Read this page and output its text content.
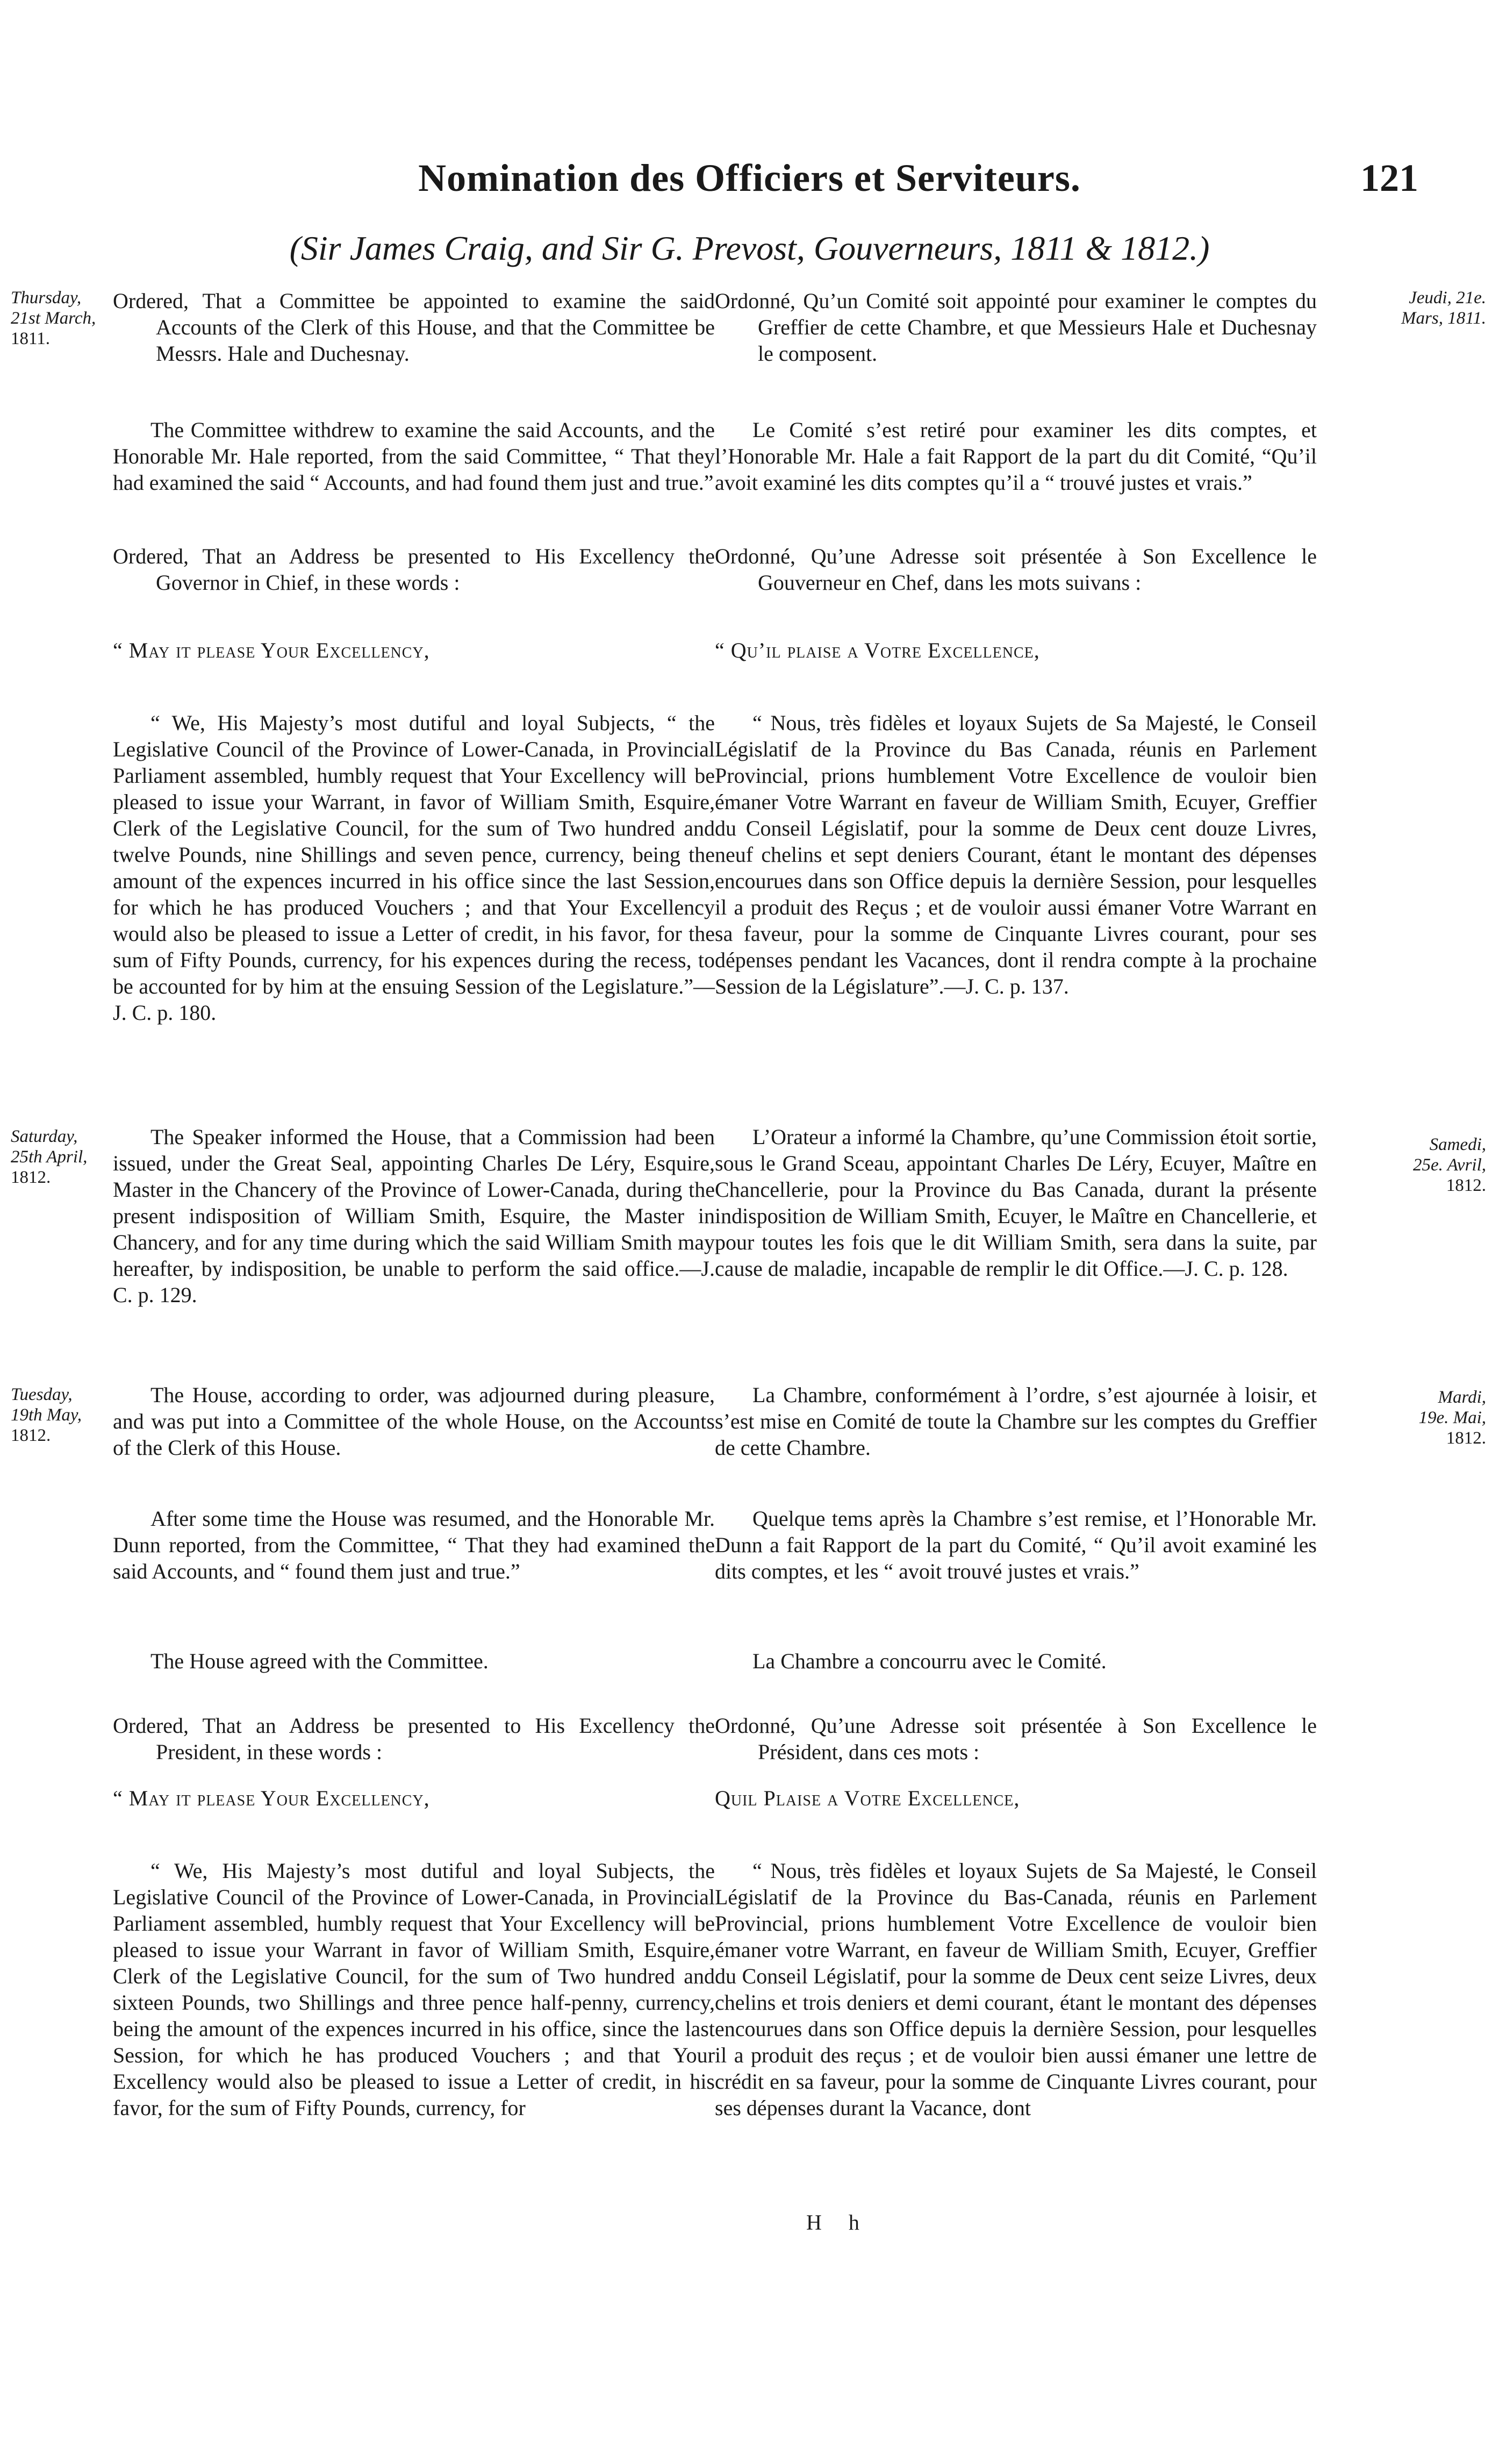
Nomination des Officiers et Serviteurs.	121
(Sir James Craig, and Sir G. Prevost, Gouverneurs, 1811 & 1812.)
Thursday,
21st March,
1811.
Jeudi, 21e.
Mars, 1811.
Saturday,
25th April,
1812.
Samedi,
25e. Avril,
1812.
Tuesday,
19th May,
1812.
Mardi,
19e. Mai,
1812.

Ordered, That a Committee be appointed to examine the said Accounts of the Clerk of this House, and that the Committee be Messrs. Hale and Duchesnay.

The Committee withdrew to examine the said Accounts, and the Honorable Mr. Hale reported, from the said Committee, “ That they had examined the said “ Accounts, and had found them just and true.”

Ordered, That an Address be presented to His Excellency the Governor in Chief, in these words :

“ May it please Your Excellency,

“ We, His Majesty’s most dutiful and loyal Subjects, “ the Legislative Council of the Province of Lower-Canada, in Provincial Parliament assembled, humbly request that Your Excellency will be pleased to issue your Warrant, in favor of William Smith, Esquire, Clerk of the Legislative Council, for the sum of Two hundred and twelve Pounds, nine Shillings and seven pence, currency, being the amount of the expences incurred in his office since the last Session, for which he has produced Vouchers ; and that Your Excellency would also be pleased to issue a Letter of credit, in his favor, for the sum of Fifty Pounds, currency, for his expences during the recess, to be accounted for by him at the ensuing Session of the Legislature.”—J. C. p. 180.

The Speaker informed the House, that a Commission had been issued, under the Great Seal, appointing Charles De Léry, Esquire, Master in the Chancery of the Province of Lower-Canada, during the present indisposition of William Smith, Esquire, the Master in Chancery, and for any time during which the said William Smith may hereafter, by indisposition, be unable to perform the said office.—J. C. p. 129.

The House, according to order, was adjourned during pleasure, and was put into a Committee of the whole House, on the Accounts of the Clerk of this House.

After some time the House was resumed, and the Honorable Mr. Dunn reported, from the Committee, “ That they had examined the said Accounts, and “ found them just and true.”

The House agreed with the Committee.

Ordered, That an Address be presented to His Excellency the President, in these words :

“ May it please Your Excellency,

“ We, His Majesty’s most dutiful and loyal Subjects, the Legislative Council of the Province of Lower-Canada, in Provincial Parliament assembled, humbly request that Your Excellency will be pleased to issue your Warrant in favor of William Smith, Esquire, Clerk of the Legislative Council, for the sum of Two hundred and sixteen Pounds, two Shillings and three pence half-penny, currency, being the amount of the expences incurred in his office, since the last Session, for which he has produced Vouchers ; and that Your Excellency would also be pleased to issue a Letter of credit, in his favor, for the sum of Fifty Pounds, currency, for

Ordonné, Qu’un Comité soit appointé pour examiner le comptes du Greffier de cette Chambre, et que Messieurs Hale et Duchesnay le composent.

Le Comité s’est retiré pour examiner les dits comptes, et l’Honorable Mr. Hale a fait Rapport de la part du dit Comité, “Qu’il avoit examiné les dits comptes qu’il a “ trouvé justes et vrais.”

Ordonné, Qu’une Adresse soit présentée à Son Excellence le Gouverneur en Chef, dans les mots suivans :

“ Qu’il plaise a Votre Excellence,

“ Nous, très fidèles et loyaux Sujets de Sa Majesté, le Conseil Législatif de la Province du Bas Canada, réunis en Parlement Provincial, prions humblement Votre Excellence de vouloir bien émaner Votre Warrant en faveur de William Smith, Ecuyer, Greffier du Conseil Législatif, pour la somme de Deux cent douze Livres, neuf chelins et sept deniers Courant, étant le montant des dépenses encourues dans son Office depuis la dernière Session, pour lesquelles il a produit des Reçus ; et de vouloir aussi émaner Votre Warrant en sa faveur, pour la somme de Cinquante Livres courant, pour ses dépenses pendant les Vacances, dont il rendra compte à la prochaine Session de la Législature”.—J. C. p. 137.

L’Orateur a informé la Chambre, qu’une Commission étoit sortie, sous le Grand Sceau, appointant Charles De Léry, Ecuyer, Maître en Chancellerie, pour la Province du Bas Canada, durant la présente indisposition de William Smith, Ecuyer, le Maître en Chancellerie, et pour toutes les fois que le dit William Smith, sera dans la suite, par cause de maladie, incapable de remplir le dit Office.—J. C. p. 128.

La Chambre, conformément à l’ordre, s’est ajournée à loisir, et s’est mise en Comité de toute la Chambre sur les comptes du Greffier de cette Chambre.

Quelque tems après la Chambre s’est remise, et l’Honorable Mr. Dunn a fait Rapport de la part du Comité, “ Qu’il avoit examiné les dits comptes, et les “ avoit trouvé justes et vrais.”

La Chambre a concourru avec le Comité.

Ordonné, Qu’une Adresse soit présentée à Son Excellence le Président, dans ces mots :

Quil Plaise a Votre Excellence,

“ Nous, très fidèles et loyaux Sujets de Sa Majesté, le Conseil Législatif de la Province du Bas-Canada, réunis en Parlement Provincial, prions humblement Votre Excellence de vouloir bien émaner votre Warrant, en faveur de William Smith, Ecuyer, Greffier du Conseil Législatif, pour la somme de Deux cent seize Livres, deux chelins et trois deniers et demi courant, étant le montant des dépenses encourues dans son Office depuis la dernière Session, pour lesquelles il a produit des reçus ; et de vouloir bien aussi émaner une lettre de crédit en sa faveur, pour la somme de Cinquante Livres courant, pour ses dépenses durant la Vacance, dont

H h
